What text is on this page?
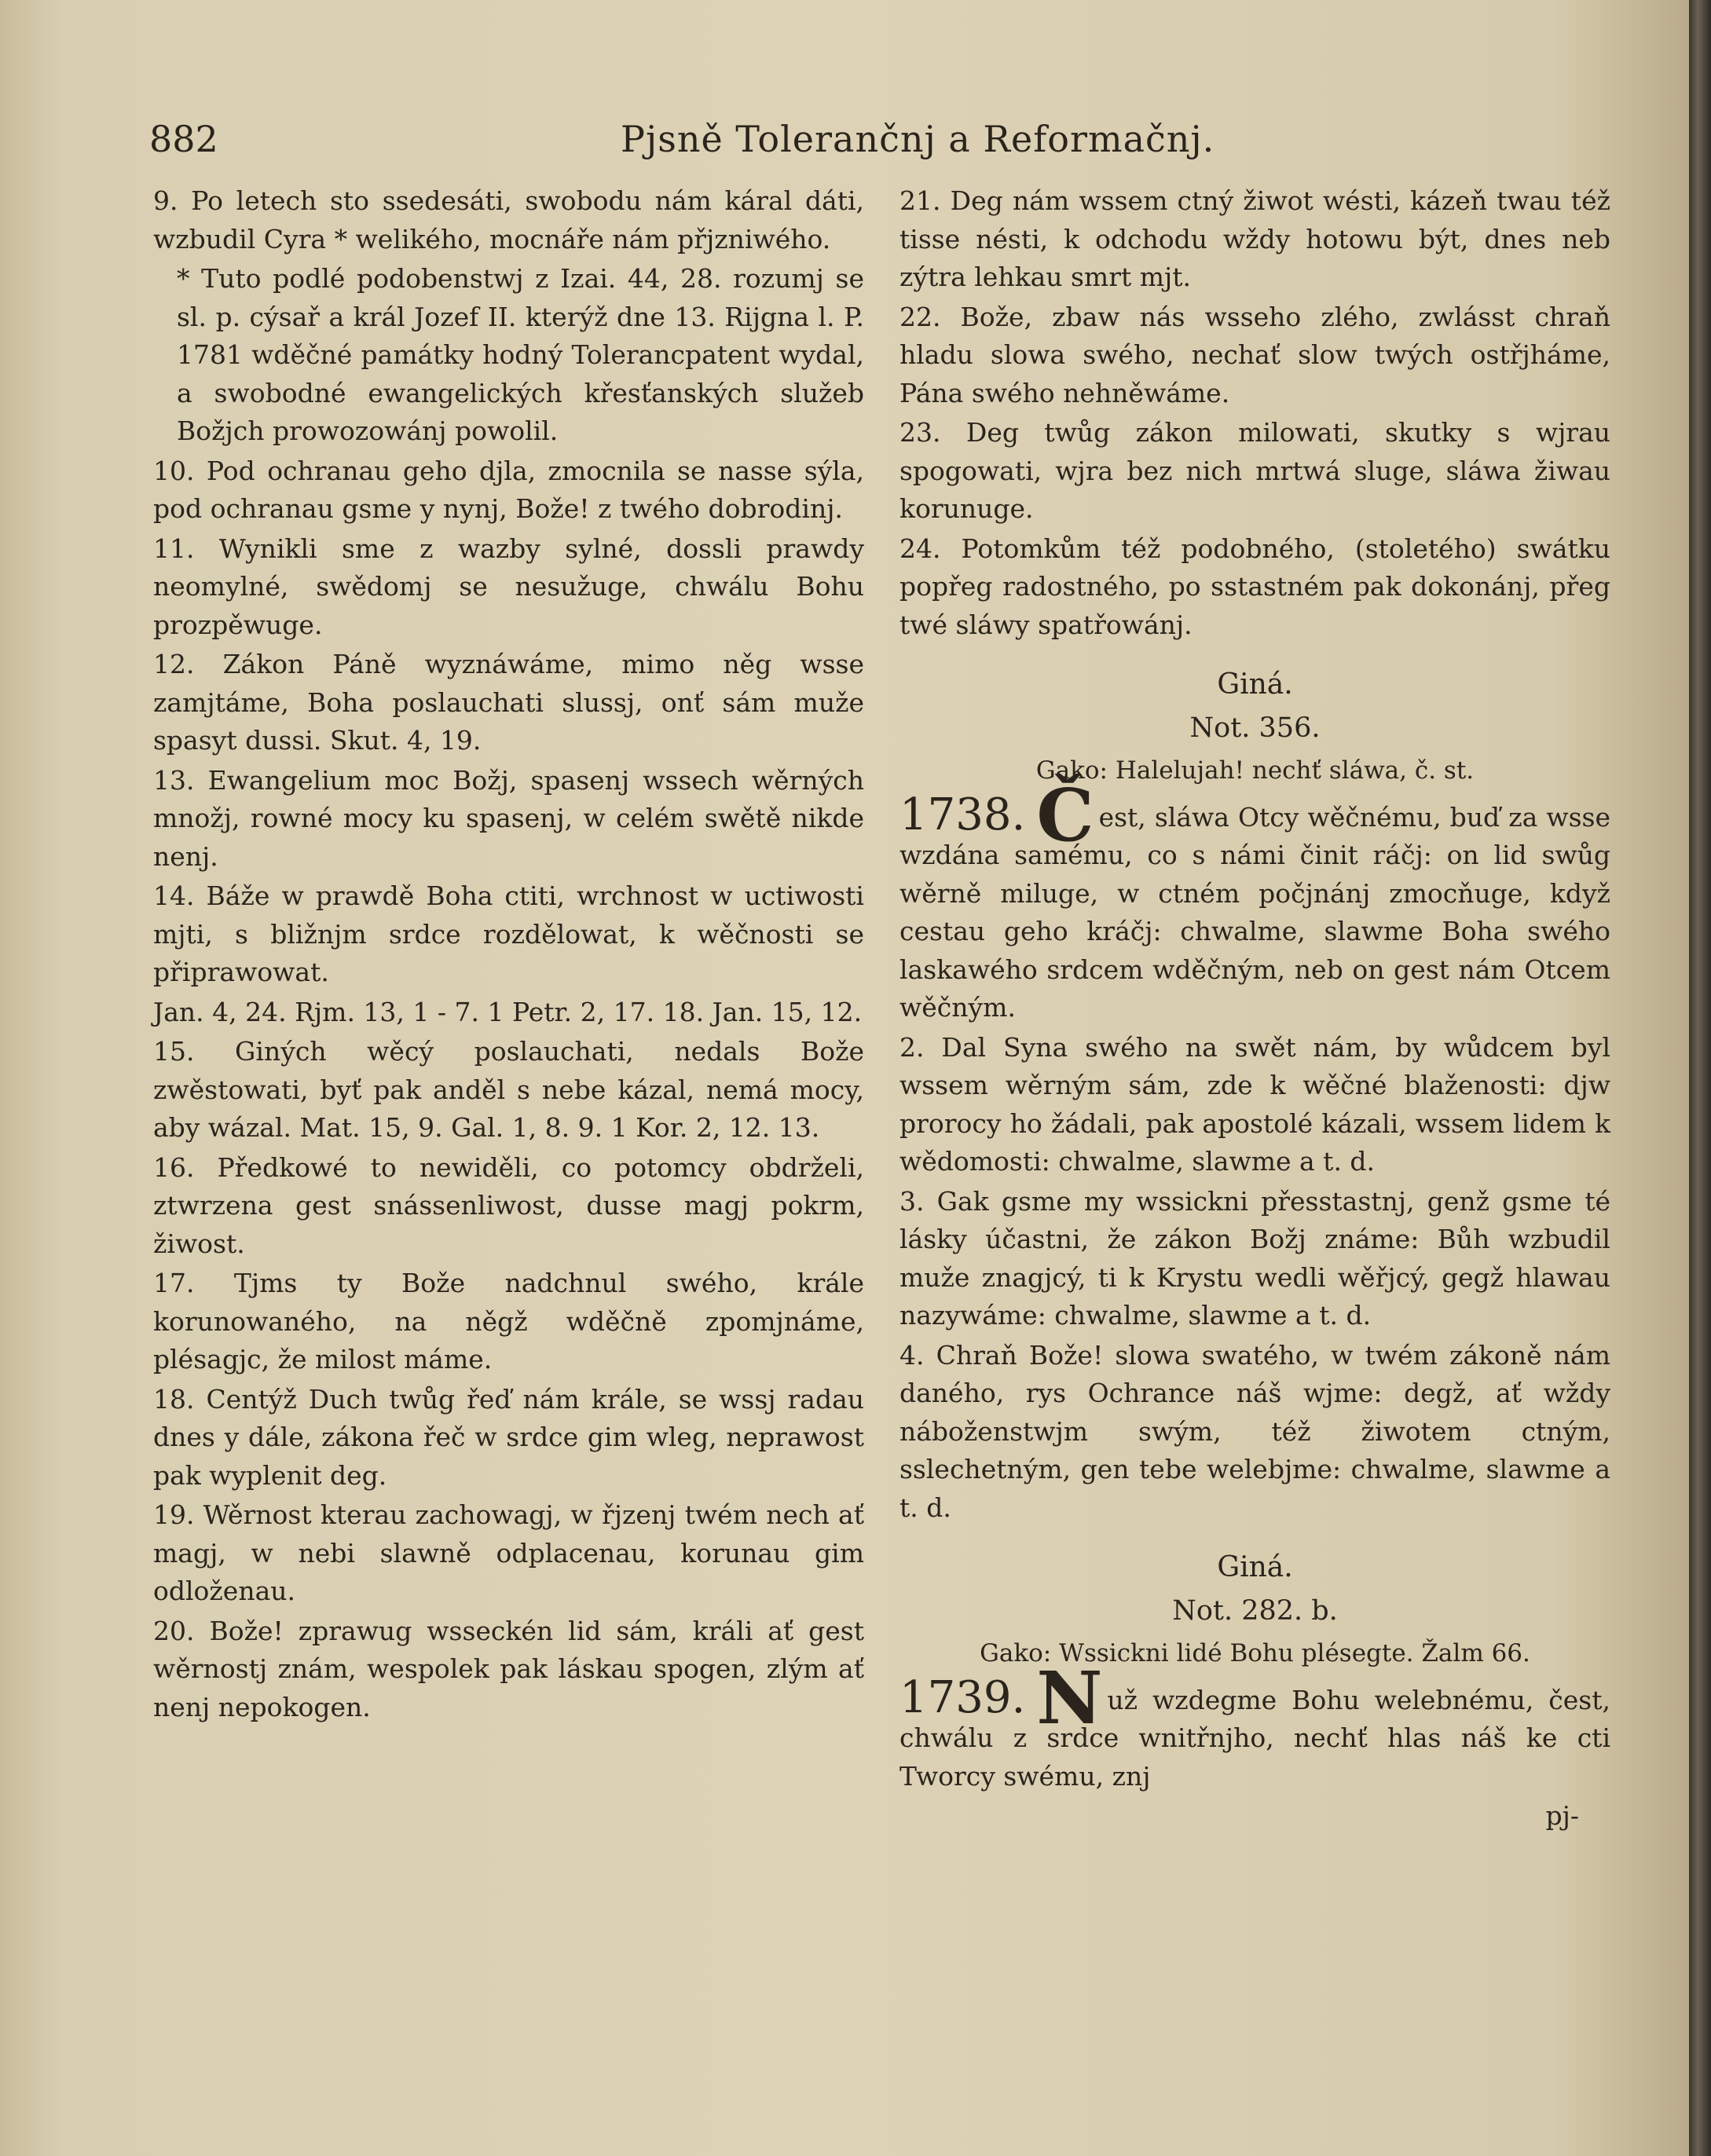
882	Pjsně Tolerančnj a Reformačnj.

9. Po letech sto ssedesáti, swobodu nám káral dáti, wzbudil Cyra * welikého, mocnáře nám přjzniwého.

* Tuto podlé podobenstwj z Izai. 44, 28. rozumj se sl. p. cýsař a král Jozef II. kterýž dne 13. Rijgna l. P. 1781 wděčné památky hodný Tolerancpatent wydal, a swobodné ewangelických křesťanských služeb Božjch prowozowánj powolil.

10. Pod ochranau geho djla, zmocnila se nasse sýla, pod ochranau gsme y nynj, Bože! z twého dobrodinj.

11. Wynikli sme z wazby sylné, dossli prawdy neomylné, swědomj se nesužuge, chwálu Bohu prozpěwuge.

12. Zákon Páně wyznáwáme, mimo něg wsse zamjtáme, Boha poslauchati slussj, onť sám muže spasyt dussi. Skut. 4, 19.

13. Ewangelium moc Božj, spasenj wssech wěrných množj, rowné mocy ku spasenj, w celém swětě nikde nenj.

14. Báže w prawdě Boha ctiti, wrchnost w uctiwosti mjti, s bližnjm srdce rozdělowat, k wěčnosti se připrawowat.

Jan. 4, 24. Rjm. 13, 1 - 7. 1 Petr. 2, 17. 18. Jan. 15, 12.

15. Giných wěcý poslauchati, nedals Bože zwěstowati, byť pak anděl s nebe kázal, nemá mocy, aby wázal. Mat. 15, 9. Gal. 1, 8. 9. 1 Kor. 2, 12. 13.

16. Předkowé to newiděli, co potomcy obdrželi, ztwrzena gest snássenliwost, dusse magj pokrm, žiwost.

17. Tjms ty Bože nadchnul swého, krále korunowaného, na něgž wděčně zpomjnáme, plésagjc, že milost máme.

18. Centýž Duch twůg řeď nám krále, se wssj radau dnes y dále, zákona řeč w srdce gim wleg, neprawost pak wyplenit deg.

19. Wěrnost kterau zachowagj, w řjzenj twém nech ať magj, w nebi slawně odplacenau, korunau gim odloženau.

20. Bože! zprawug wsseckén lid sám, králi ať gest wěrnostj znám, wespolek pak láskau spogen, zlým ať nenj nepokogen.

21. Deg nám wssem ctný žiwot wésti, kázeň twau též tisse nésti, k odchodu wždy hotowu být, dnes neb zýtra lehkau smrt mjt.

22. Bože, zbaw nás wsseho zlého, zwlásst chraň hladu slowa swého, nechať slow twých ostřjháme, Pána swého nehněwáme.

23. Deg twůg zákon milowati, skutky s wjrau spogowati, wjra bez nich mrtwá sluge, sláwa žiwau korunuge.

24. Potomkům též podobného, (stoletého) swátku popřeg radostného, po sstastném pak dokonánj, přeg twé sláwy spatřowánj.

Giná.

Not. 356.

Gako: Halelujah! nechť sláwa, č. st.

1738. Č est, sláwa Otcy wěčnému, buď za wsse wzdána samému, co s námi činit ráčj: on lid swůg wěrně miluge, w ctném počjnánj zmocňuge, když cestau geho kráčj: chwalme, slawme Boha swého laskawého srdcem wděčným, neb on gest nám Otcem wěčným.

2. Dal Syna swého na swět nám, by wůdcem byl wssem wěrným sám, zde k wěčné blaženosti: djw prorocy ho žádali, pak apostolé kázali, wssem lidem k wědomosti: chwalme, slawme a t. d.

3. Gak gsme my wssickni přesstastnj, genž gsme té lásky účastni, že zákon Božj známe: Bůh wzbudil muže znagjcý, ti k Krystu wedli wěřjcý, gegž hlawau nazywáme: chwalme, slawme a t. d.

4. Chraň Bože! slowa swatého, w twém zákoně nám daného, rys Ochrance náš wjme: degž, ať wždy náboženstwjm swým, též žiwotem ctným, sslechetným, gen tebe welebjme: chwalme, slawme a t. d.

Giná.

Not. 282. b.

Gako: Wssickni lidé Bohu plésegte. Žalm 66.

1739. N už wzdegme Bohu welebnému, čest, chwálu z srdce wnitřnjho, nechť hlas náš ke cti Tworcy swému, znj

pj-
